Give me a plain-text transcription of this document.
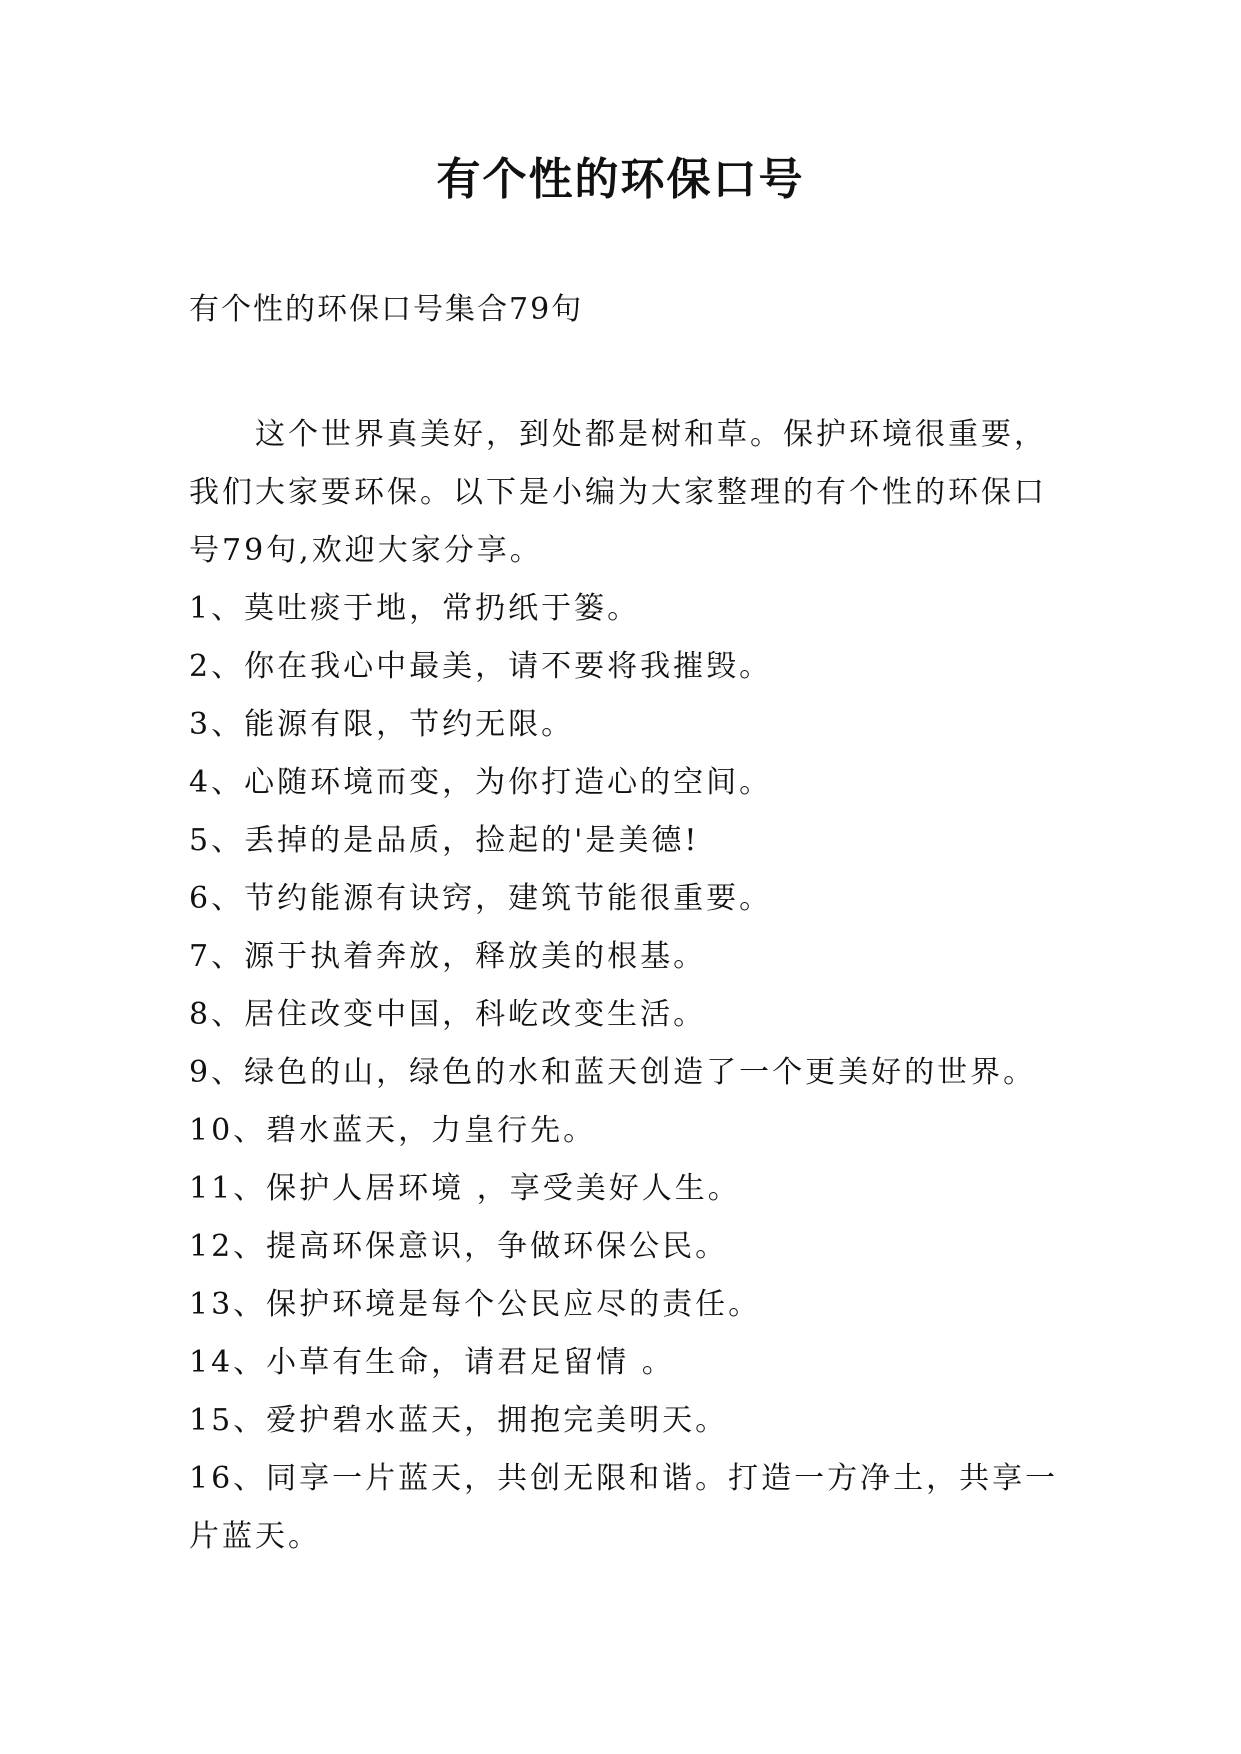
有个性的环保口号
有个性的环保口号集合79句

这个世界真美好，到处都是树和草。保护环境很重要，我们大家要环保。以下是小编为大家整理的有个性的环保口号79句,欢迎大家分享。

1、莫吐痰于地，常扔纸于篓。
2、你在我心中最美，请不要将我摧毁。
3、能源有限，节约无限。
4、心随环境而变，为你打造心的空间。
5、丢掉的是品质，捡起的'是美德!
6、节约能源有诀窍，建筑节能很重要。
7、源于执着奔放，释放美的根基。
8、居住改变中国，科屹改变生活。
9、绿色的山，绿色的水和蓝天创造了一个更美好的世界。
10、碧水蓝天，力皇行先。
11、保护人居环境 ，享受美好人生。
12、提高环保意识，争做环保公民。
13、保护环境是每个公民应尽的责任。
14、小草有生命，请君足留情 。
15、爱护碧水蓝天，拥抱完美明天。
16、同享一片蓝天，共创无限和谐。打造一方净土，共享一片蓝天。
